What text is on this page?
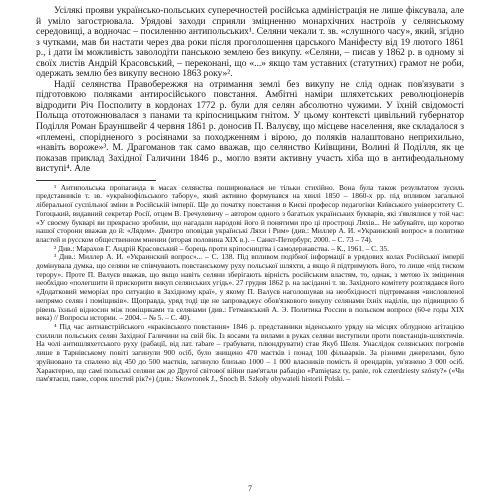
Усілякі прояви українсько-польських суперечностей російська адміністрація не лише фіксувала, але й уміло загострювала. Урядові заходи сприяли зміцненню монархічних настроїв у селянському середовищі, а водночас – посиленню антипольських¹. Селяни чекали т. зв. «слушного часу», який, згідно з чутками, мав би настати через два роки після проголошення царського Маніфесту від 19 лютого 1861 р., і дати їм можливість заволодіти панською землею без викупу. «Селяни, – писав у 1862 р. в одному зі своїх листів Андрій Красовський, – переконані, що «...» якщо там уставних (статутних) грамот не роби, одержать землю без викупу весною 1863 року»².

Надії селянства Правобережжя на отримання землі без викупу не слід однак пов'язувати з підготовкою поляками антиросійського повстання. Амбітні наміри шляхетських революціонерів відродити Річ Посполиту в кордонах 1772 р. були для селян абсолютно чужими. У їхній свідомості Польща ототожнювалася з панами та кріпосницьким гнітом. У цьому контексті цивільний губернатор Поділля Роман Брауншвейг 4 червня 1861 р. доносив П. Валуєву, що місцеве населення, яке складалося з «племені, спорідненого з росіянами за походженням і вірою, до поляків налаштовано неприхильно, «навіть вороже»³. М. Драгоманов так само вважав, що селянство Київщини, Волині й Поділля, як це показав приклад Західної Галичини 1846 р., могло взяти активну участь хіба що в антифеодальному виступі⁴. Але

¹ Антипольська пропаганда в масах селянства поширювалася не тільки стихійно. Вона була також результатом зусиль представників т. зв. «українофільського табору», який активно формувався на хвилі 1850 – 1860-х рр. під впливом загальної ліберальної суспільної зміни в Російській імперії. Ще до початку повстання в Києві професор педагогіки Київського університету С. Гогоцький, видавний секретар Росії, отцем В. Гречулевичу – автором одного з багатьох українських букварів, які з'являлися у той час: «У своєму букварі ви прекрасно зробили, що нагадали народові його й понятими про ці простроці Ляхів... Не забувайте, що коротко нашої сторони вважав до й: «Лядом». Дмитро оповідав українські Ляхи і Рим» (див.: Миллер А. И. «Украинский вопрос» в политике властей и русском общественном мнении (вторая половина XIX в.). – Санкт-Петербург, 2000. – С. 73 – 74).

² Див.: Марахов Г. Андрій Красовський – борець проти кріпосництва і самодержавства. – К., 1961. – С. 35.

³ Див.: Миллер А. И. «Украинский вопрос»... – С. 138. Під впливом подібної інформації в урядових колах Російської імперії домінувала думка, що селяни не співчувають повстанському руху польської шляхти, а якщо й підтримують його, то лише «під тиском терору». Проте П. Валуєв вважав, що якщо навіть селяни зберігають вірність російським властям, то, однак, з метою їх зміцнення необхідно «полегшити й прискорити викуп селянських угідь». 27 грудня 1862 р. на засіданні т. зв. Західного комітету розглядався його «Додатковий меморіал про ситуацію в Західному краї», у якому П. Валуєв наголошував на необхідності підтримання «висловленої непрямо селян і поміщиків». Щоправда, уряд тоді ще не запроваджує обов'язкового викупу селянами їхніх наділів, що підвищило б рівень їхньої відносин між поміщиками та селянами (див.: Гетманський А. Э. Политика России в польском вопросе (60-е годы XIX века) // Вопросы истории. – 2004. – № 5. – С. 40).

⁴ Під час антиавстрійського «краківського повстання» 1846 р. представники віденського уряду на місцях облудною агітацією схилили польських селян Західної Галичини на свій бік. Із косами та вилами в руках селяни виступили проти повстанців-шляхтичів. На чолі антишляхетського руху (рабації, від лат. rabare – грабувати, плюндрувати) став Якуб Шеля. Унаслідок селянських погромів лише в Тарнівському повіті загинули 900 осіб, було знищено 470 маєтків і понад 100 фільварків. За різними джерелами, було зруйновано та спалено від 450 до 500 маєтків, загинуло близько 1000 – 1 000 власників помість й орендарів, ув'язнено 3 000 осіб. Характерно, що самі польські селяни аж до Другої світової війни пам'ятали рабацію «Pamiętasz ty, panie, rok czterdziesty szósty?» («Чи пам'ятаєш, пане, сорок шостий рік?») (див.: Skowronek J., Śnoch B. Szkoły obywateli historii Polski. –

7
